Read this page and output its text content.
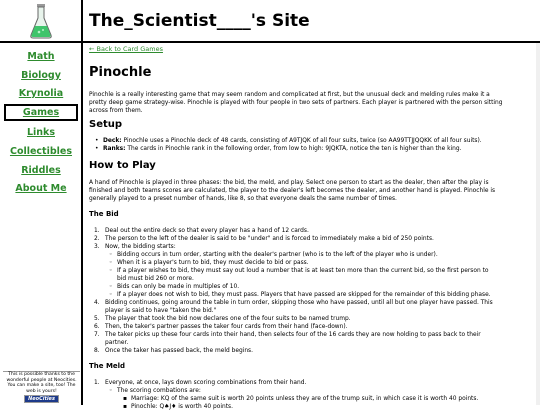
The_Scientist____'s Site
Math
Biology
Krynolia
Games
Links
Collectibles
Riddles
About Me
This is possible thanks to the
wonderful people at Neocities.
You can make a site, too! The
web is yours!
NeoCities
← Back to Card Games
Pinochle
Pinochle is a really interesting game that may seem random and complicated at first, but the unusual deck and melding rules make it a
pretty deep game strategy-wise. Pinochle is played with four people in two sets of partners. Each player is partnered with the person sitting
across from them.
Setup
• Deck: Pinochle uses a Pinochle deck of 48 cards, consisting of A9TJQK of all four suits, twice (so AA99TTJJQQKK of all four suits).
• Ranks: The cards in Pinochle rank in the following order, from low to high: 9JQKTA, notice the ten is higher than the king.
How to Play
A hand of Pinochle is played in three phases: the bid, the meld, and play. Select one person to start as the dealer, then after the play is
finished and both teams scores are calculated, the player to the dealer's left becomes the dealer, and another hand is played. Pinochle is
generally played to a preset number of hands, like 8, so that everyone deals the same number of times.
The Bid
1. Deal out the entire deck so that every player has a hand of 12 cards.
2. The person to the left of the dealer is said to be "under" and is forced to immediately make a bid of 250 points.
3. Now, the bidding starts:
◦ Bidding occurs in turn order, starting with the dealer's partner (who is to the left of the player who is under).
◦ When it is a player's turn to bid, they must decide to bid or pass.
◦ If a player wishes to bid, they must say out loud a number that is at least ten more than the current bid, so the first person to
bid must bid 260 or more.
◦ Bids can only be made in multiples of 10.
◦ If a player does not wish to bid, they must pass. Players that have passed are skipped for the remainder of this bidding phase.
4. Bidding continues, going around the table in turn order, skipping those who have passed, until all but one player have passed. This
player is said to have "taken the bid."
5. The player that took the bid now declares one of the four suits to be named trump.
6. Then, the taker's partner passes the taker four cards from their hand (face-down).
7. The taker picks up these four cards into their hand, then selects four of the 16 cards they are now holding to pass back to their
partner.
8. Once the taker has passed back, the meld begins.
The Meld
1. Everyone, at once, lays down scoring combinations from their hand.
◦ The scoring combations are:
▪ Marriage: KQ of the same suit is worth 20 points unless they are of the trump suit, in which case it is worth 40 points.
▪ Pinochle: Q♠J♦ is worth 40 points.
